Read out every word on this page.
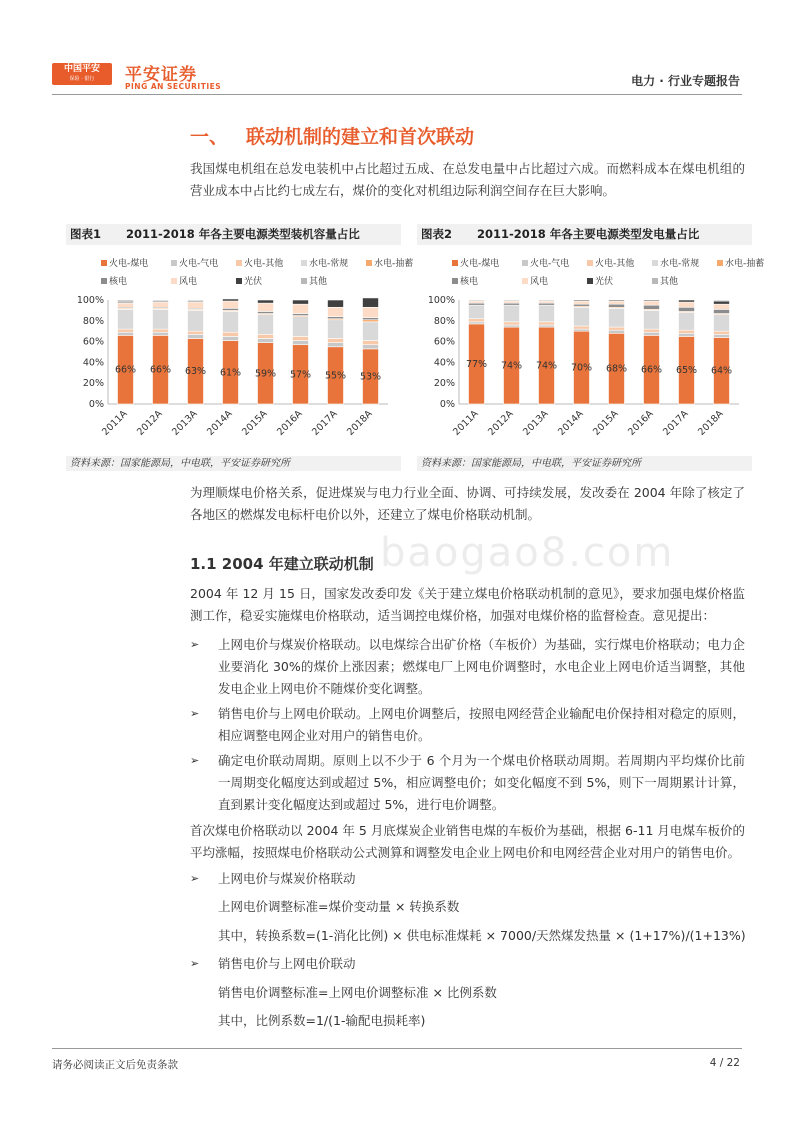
中国平安
保险 · 银行	平安证券
PING AN SECURITIES	电力 · 行业专题报告
一、 联动机制的建立和首次联动
我国煤电机组在总发电装机中占比超过五成、在总发电量中占比超过六成。而燃料成本在煤电机组的营业成本中占比约七成左右，煤价的变化对机组边际利润空间存在巨大影响。
图表1 2011-2018 年各主要电源类型装机容量占比	图表2 2011-2018 年各主要电源类型发电量占比
火电-煤电	火电-气电	火电-其他	水电-常规	水电-抽蓄
核电	风电	光伏	其他
0%
20%
40%
60%
80%
100%
66%
2011A
66%
2012A
63%
2013A
61%
2014A
59%
2015A
57%
2016A
55%
2017A
53%
2018A
火电-煤电	火电-气电	火电-其他	水电-常规	水电-抽蓄
核电	风电	光伏	其他
0%
20%
40%
60%
80%
100%
77%
2011A
74%
2012A
74%
2013A
70%
2014A
68%
2015A
66%
2016A
65%
2017A
64%
2018A
资料来源：国家能源局，中电联，平安证券研究所	资料来源：国家能源局，中电联，平安证券研究所
为理顺煤电价格关系，促进煤炭与电力行业全面、协调、可持续发展，发改委在 2004 年除了核定了各地区的燃煤发电标杆电价以外，还建立了煤电价格联动机制。
baogao8.com
1.1 2004 年建立联动机制
2004 年 12 月 15 日，国家发改委印发《关于建立煤电价格联动机制的意见》，要求加强电煤价格监测工作，稳妥实施煤电价格联动，适当调控电煤价格，加强对电煤价格的监督检查。意见提出：
➢ 上网电价与煤炭价格联动。以电煤综合出矿价格（车板价）为基础，实行煤电价格联动；电力企业要消化 30%的煤价上涨因素；燃煤电厂上网电价调整时，水电企业上网电价适当调整，其他发电企业上网电价不随煤价变化调整。
➢ 销售电价与上网电价联动。上网电价调整后，按照电网经营企业输配电价保持相对稳定的原则，相应调整电网企业对用户的销售电价。
➢ 确定电价联动周期。原则上以不少于 6 个月为一个煤电价格联动周期。若周期内平均煤价比前一周期变化幅度达到或超过 5%，相应调整电价；如变化幅度不到 5%，则下一周期累计计算，直到累计变化幅度达到或超过 5%，进行电价调整。
首次煤电价格联动以 2004 年 5 月底煤炭企业销售电煤的车板价为基础，根据 6-11 月电煤车板价的平均涨幅，按照煤电价格联动公式测算和调整发电企业上网电价和电网经营企业对用户的销售电价。
➢ 上网电价与煤炭价格联动
上网电价调整标准=煤价变动量 × 转换系数
其中，转换系数=(1-消化比例) × 供电标准煤耗 × 7000/天然煤发热量 × (1+17%)/(1+13%)
➢ 销售电价与上网电价联动
销售电价调整标准=上网电价调整标准 × 比例系数
其中，比例系数=1/(1-输配电损耗率)
请务必阅读正文后免责条款	4 / 22
